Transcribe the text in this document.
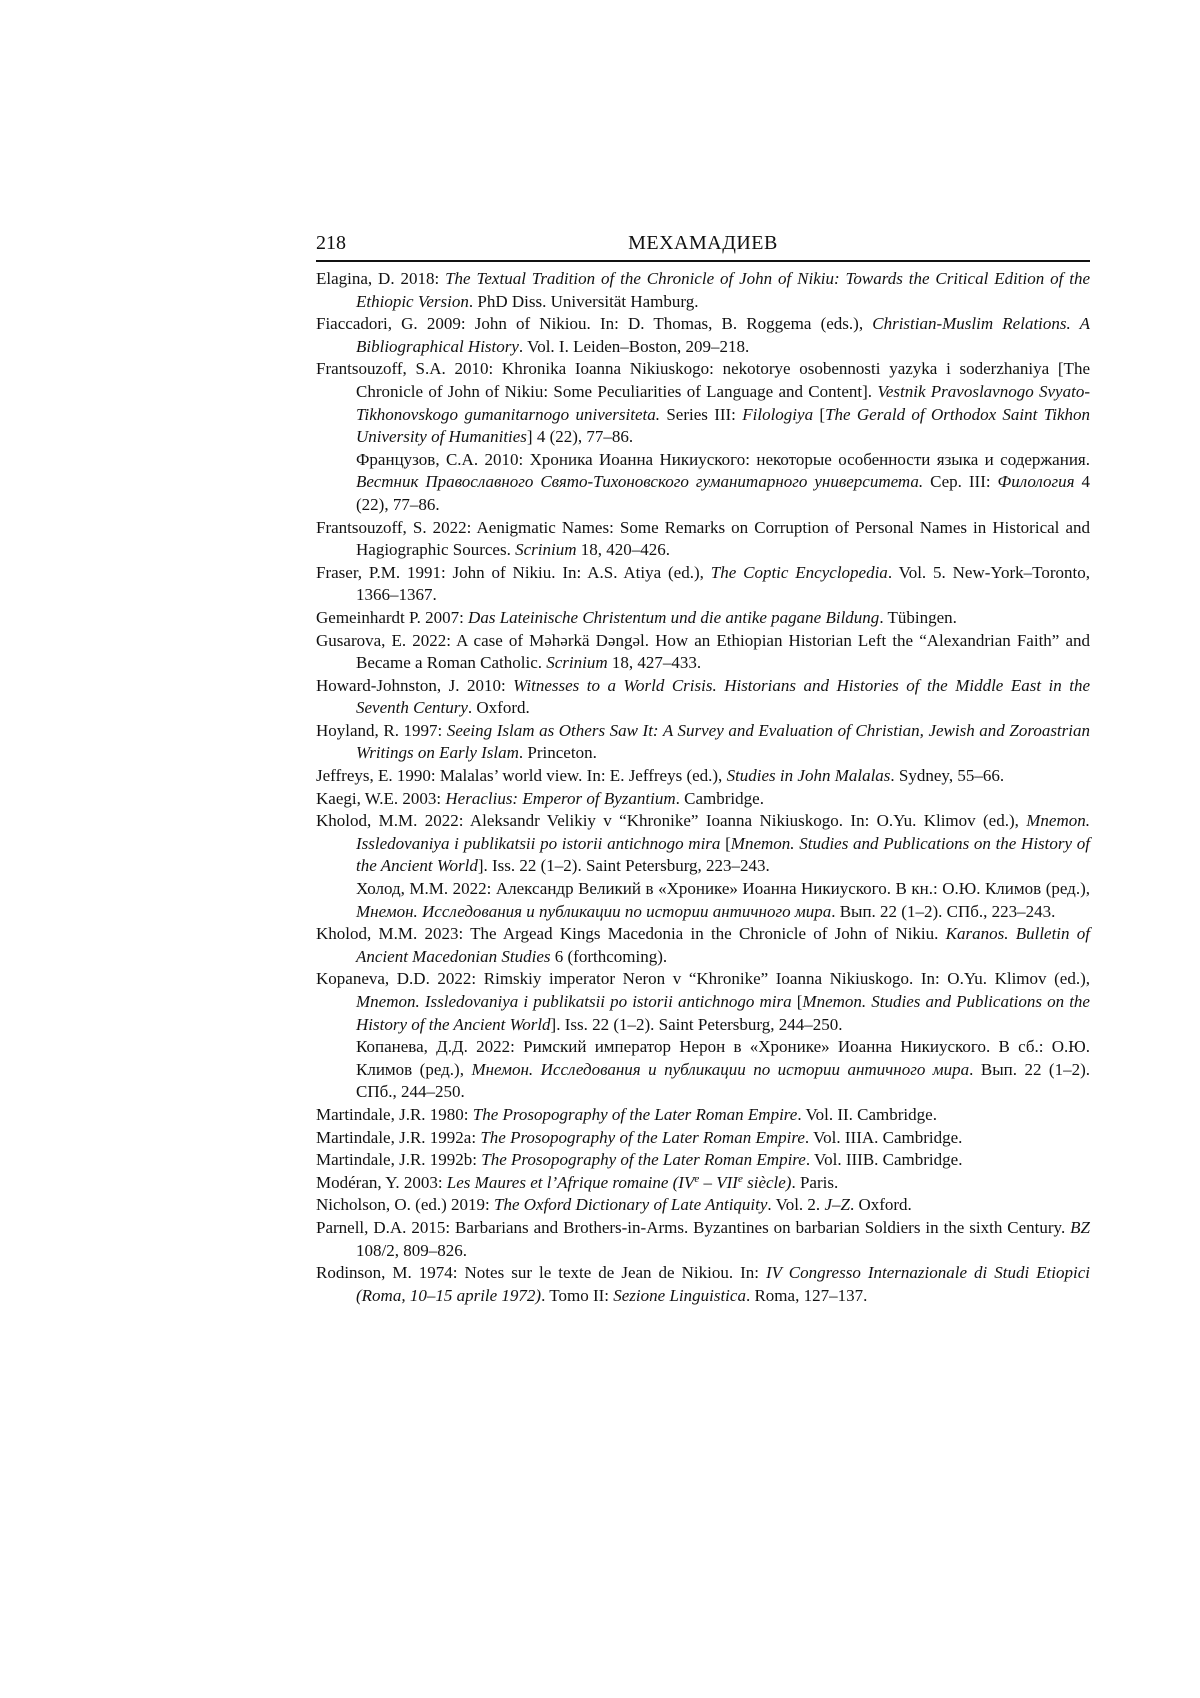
218	МЕХАМАДИЕВ

Elagina, D. 2018: The Textual Tradition of the Chronicle of John of Nikiu: Towards the Critical Edition of the Ethiopic Version. PhD Diss. Universität Hamburg.

Fiaccadori, G. 2009: John of Nikiou. In: D. Thomas, B. Roggema (eds.), Christian-Muslim Relations. A Bibliographical History. Vol. I. Leiden–Boston, 209–218.

Frantsouzoff, S.A. 2010: Khronika Ioanna Nikiuskogo: nekotorye osobennosti yazyka i soderzhaniya [The Chronicle of John of Nikiu: Some Peculiarities of Language and Content]. Vestnik Pravoslavnogo Svyato-Tikhonovskogo gumanitarnogo universiteta. Series III: Filologiya [The Gerald of Orthodox Saint Tikhon University of Humanities] 4 (22), 77–86.
Французов, С.А. 2010: Хроника Иоанна Никиуского: некоторые особенности языка и содержания. Вестник Православного Свято-Тихоновского гуманитарного университета. Сер. III: Филология 4 (22), 77–86.

Frantsouzoff, S. 2022: Aenigmatic Names: Some Remarks on Corruption of Personal Names in Historical and Hagiographic Sources. Scrinium 18, 420–426.

Fraser, P.M. 1991: John of Nikiu. In: A.S. Atiya (ed.), The Coptic Encyclopedia. Vol. 5. New-York–Toronto, 1366–1367.

Gemeinhardt P. 2007: Das Lateinische Christentum und die antike pagane Bildung. Tübingen.

Gusarova, E. 2022: A case of Məhərkä Dəngəl. How an Ethiopian Historian Left the “Alexandrian Faith” and Became a Roman Catholic. Scrinium 18, 427–433.

Howard-Johnston, J. 2010: Witnesses to a World Crisis. Historians and Histories of the Middle East in the Seventh Century. Oxford.

Hoyland, R. 1997: Seeing Islam as Others Saw It: A Survey and Evaluation of Christian, Jewish and Zoroastrian Writings on Early Islam. Princeton.

Jeffreys, E. 1990: Malalas’ world view. In: E. Jeffreys (ed.), Studies in John Malalas. Sydney, 55–66.

Kaegi, W.E. 2003: Heraclius: Emperor of Byzantium. Cambridge.

Kholod, M.M. 2022: Aleksandr Velikiy v “Khronike” Ioanna Nikiuskogo. In: O.Yu. Klimov (ed.), Mnemon. Issledovaniya i publikatsii po istorii antichnogo mira [Mnemon. Studies and Publications on the History of the Ancient World]. Iss. 22 (1–2). Saint Petersburg, 223–243.
Холод, М.М. 2022: Александр Великий в «Хронике» Иоанна Никиуского. В кн.: О.Ю. Климов (ред.), Мнемон. Исследования и публикации по истории античного мира. Вып. 22 (1–2). СПб., 223–243.

Kholod, M.M. 2023: The Argead Kings Macedonia in the Chronicle of John of Nikiu. Karanos. Bulletin of Ancient Macedonian Studies 6 (forthcoming).

Kopaneva, D.D. 2022: Rimskiy imperator Neron v “Khronike” Ioanna Nikiuskogo. In: O.Yu. Klimov (ed.), Mnemon. Issledovaniya i publikatsii po istorii antichnogo mira [Mnemon. Studies and Publications on the History of the Ancient World]. Iss. 22 (1–2). Saint Petersburg, 244–250.
Копанева, Д.Д. 2022: Римский император Нерон в «Хронике» Иоанна Никиуского. В сб.: О.Ю. Климов (ред.), Мнемон. Исследования и публикации по истории античного мира. Вып. 22 (1–2). СПб., 244–250.

Martindale, J.R. 1980: The Prosopography of the Later Roman Empire. Vol. II. Cambridge.

Martindale, J.R. 1992a: The Prosopography of the Later Roman Empire. Vol. IIIA. Cambridge.

Martindale, J.R. 1992b: The Prosopography of the Later Roman Empire. Vol. IIIB. Cambridge.

Modéran, Y. 2003: Les Maures et l’Afrique romaine (IVe – VIIe siècle). Paris.

Nicholson, O. (ed.) 2019: The Oxford Dictionary of Late Antiquity. Vol. 2. J–Z. Oxford.

Parnell, D.A. 2015: Barbarians and Brothers-in-Arms. Byzantines on barbarian Soldiers in the sixth Century. BZ 108/2, 809–826.

Rodinson, M. 1974: Notes sur le texte de Jean de Nikiou. In: IV Congresso Internazionale di Studi Etiopici (Roma, 10–15 aprile 1972). Tomo II: Sezione Linguistica. Roma, 127–137.
